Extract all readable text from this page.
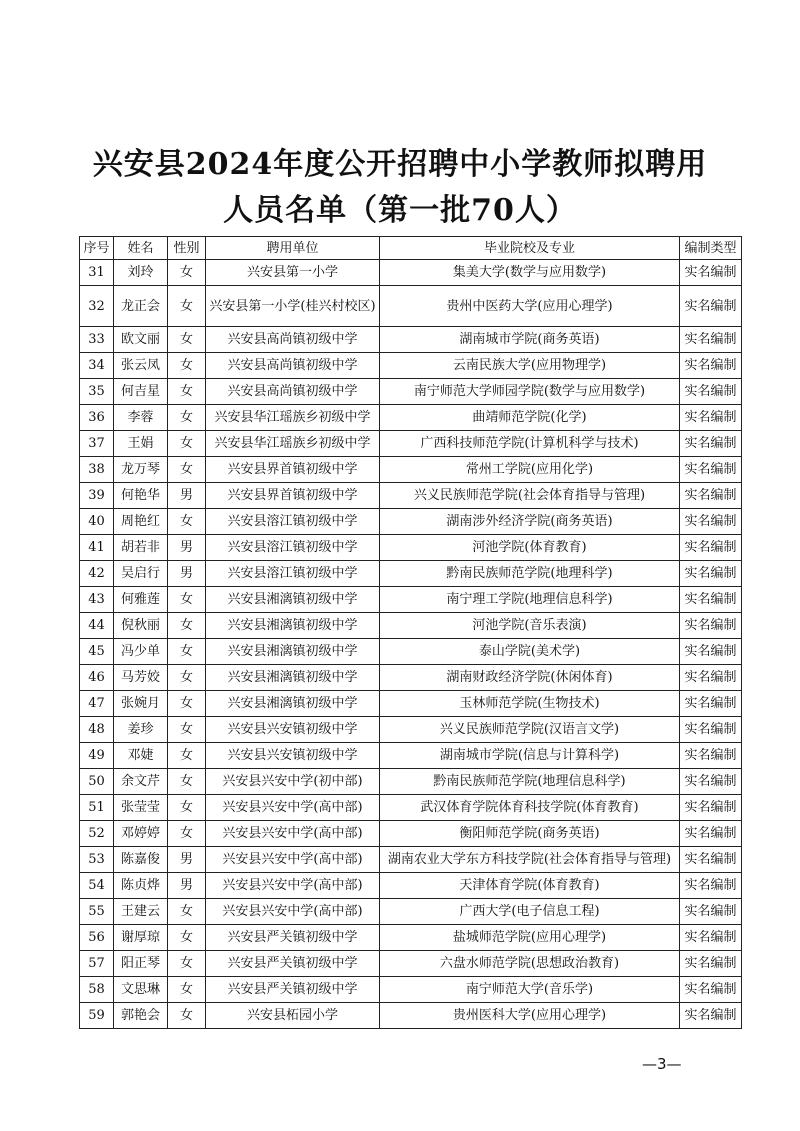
兴安县2024年度公开招聘中小学教师拟聘用
人员名单（第一批70人）
序号	姓名	性别	聘用单位	毕业院校及专业	编制类型
31	刘玲	女	兴安县第一小学	集美大学(数学与应用数学)	实名编制
32	龙正会	女	兴安县第一小学(桂兴村校区)	贵州中医药大学(应用心理学)	实名编制
33	欧文丽	女	兴安县高尚镇初级中学	湖南城市学院(商务英语)	实名编制
34	张云凤	女	兴安县高尚镇初级中学	云南民族大学(应用物理学)	实名编制
35	何吉星	女	兴安县高尚镇初级中学	南宁师范大学师园学院(数学与应用数学)	实名编制
36	李蓉	女	兴安县华江瑶族乡初级中学	曲靖师范学院(化学)	实名编制
37	王娟	女	兴安县华江瑶族乡初级中学	广西科技师范学院(计算机科学与技术)	实名编制
38	龙万琴	女	兴安县界首镇初级中学	常州工学院(应用化学)	实名编制
39	何艳华	男	兴安县界首镇初级中学	兴义民族师范学院(社会体育指导与管理)	实名编制
40	周艳红	女	兴安县溶江镇初级中学	湖南涉外经济学院(商务英语)	实名编制
41	胡若非	男	兴安县溶江镇初级中学	河池学院(体育教育)	实名编制
42	吴启行	男	兴安县溶江镇初级中学	黔南民族师范学院(地理科学)	实名编制
43	何雅莲	女	兴安县湘漓镇初级中学	南宁理工学院(地理信息科学)	实名编制
44	倪秋丽	女	兴安县湘漓镇初级中学	河池学院(音乐表演)	实名编制
45	冯少单	女	兴安县湘漓镇初级中学	泰山学院(美术学)	实名编制
46	马芳姣	女	兴安县湘漓镇初级中学	湖南财政经济学院(休闲体育)	实名编制
47	张婉月	女	兴安县湘漓镇初级中学	玉林师范学院(生物技术)	实名编制
48	姜珍	女	兴安县兴安镇初级中学	兴义民族师范学院(汉语言文学)	实名编制
49	邓婕	女	兴安县兴安镇初级中学	湖南城市学院(信息与计算科学)	实名编制
50	余文芹	女	兴安县兴安中学(初中部)	黔南民族师范学院(地理信息科学)	实名编制
51	张莹莹	女	兴安县兴安中学(高中部)	武汉体育学院体育科技学院(体育教育)	实名编制
52	邓婷婷	女	兴安县兴安中学(高中部)	衡阳师范学院(商务英语)	实名编制
53	陈嘉俊	男	兴安县兴安中学(高中部)	湖南农业大学东方科技学院(社会体育指导与管理)	实名编制
54	陈贞烨	男	兴安县兴安中学(高中部)	天津体育学院(体育教育)	实名编制
55	王建云	女	兴安县兴安中学(高中部)	广西大学(电子信息工程)	实名编制
56	谢厚琼	女	兴安县严关镇初级中学	盐城师范学院(应用心理学)	实名编制
57	阳正琴	女	兴安县严关镇初级中学	六盘水师范学院(思想政治教育)	实名编制
58	文思琳	女	兴安县严关镇初级中学	南宁师范大学(音乐学)	实名编制
59	郭艳会	女	兴安县柘园小学	贵州医科大学(应用心理学)	实名编制
—3—
